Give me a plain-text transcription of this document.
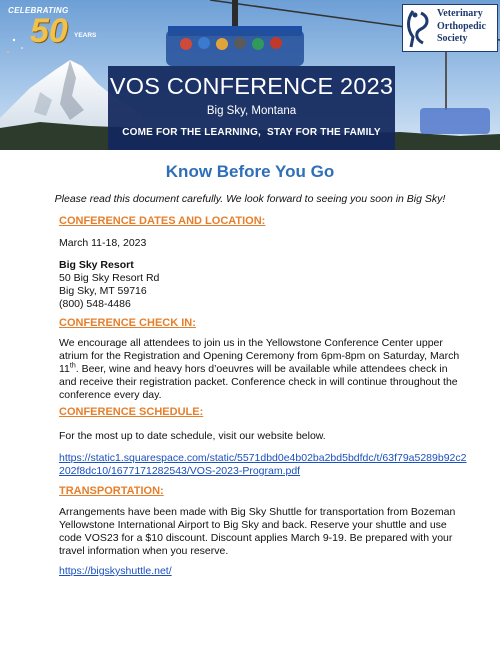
CELEBRATING
50 YEARS
Veterinary
Orthopedic
Society
VOS CONFERENCE 2023
Big Sky, Montana
COME FOR THE LEARNING,  STAY FOR THE FAMILY
Know Before You Go
Please read this document carefully. We look forward to seeing you soon in Big Sky!
CONFERENCE DATES AND LOCATION:
March 11-18, 2023
Big Sky Resort
50 Big Sky Resort Rd
Big Sky, MT 59716
(800) 548-4486
CONFERENCE CHECK IN:
We encourage all attendees to join us in the Yellowstone Conference Center upper
atrium for the Registration and Opening Ceremony from 6pm-8pm on Saturday, March
11th. Beer, wine and heavy hors d’oeuvres will be available while attendees check in
and receive their registration packet. Conference check in will continue throughout the
conference every day.
CONFERENCE SCHEDULE:
For the most up to date schedule, visit our website below.
https://static1.squarespace.com/static/5571dbd0e4b02ba2bd5bdfdc/t/63f79a5289b92c2
202f8dc10/1677171282543/VOS-2023-Program.pdf
TRANSPORTATION:
Arrangements have been made with Big Sky Shuttle for transportation from Bozeman
Yellowstone International Airport to Big Sky and back. Reserve your shuttle and use
code VOS23 for a $10 discount. Discount applies March 9-19. Be prepared with your
travel information when you reserve.
https://bigskyshuttle.net/
